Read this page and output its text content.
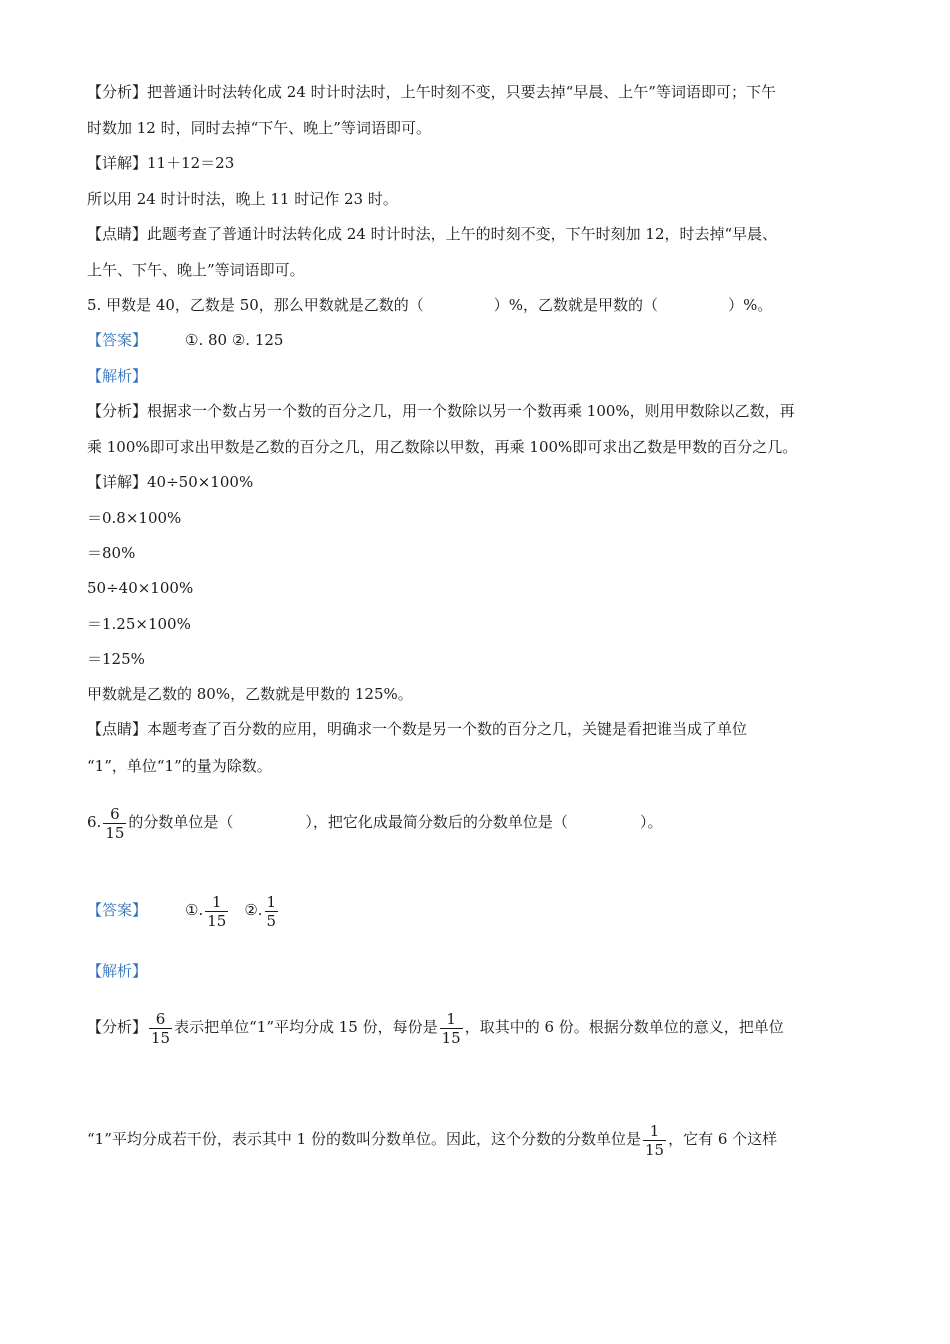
【分析】把普通计时法转化成 24 时计时法时，上午时刻不变，只要去掉“早晨、上午”等词语即可；下午
时数加 12 时，同时去掉“下午、晚上”等词语即可。
【详解】11＋12＝23
所以用 24 时计时法，晚上 11 时记作 23 时。
【点睛】此题考查了普通计时法转化成 24 时计时法，上午的时刻不变，下午时刻加 12，时去掉“早晨、
上午、下午、晚上”等词语即可。
5. 甲数是 40，乙数是 50，那么甲数就是乙数的（	）%，乙数就是甲数的（	）%。
【答案】	①. 80 ②. 125
【解析】
【分析】根据求一个数占另一个数的百分之几，用一个数除以另一个数再乘 100%，则用甲数除以乙数，再
乘 100%即可求出甲数是乙数的百分之几，用乙数除以甲数，再乘 100%即可求出乙数是甲数的百分之几。
【详解】40÷50×100%
＝0.8×100%
＝80%
50÷40×100%
＝1.25×100%
＝125%
甲数就是乙数的 80%，乙数就是甲数的 125%。
【点睛】本题考查了百分数的应用，明确求一个数是另一个数的百分之几，关键是看把谁当成了单位
“1”，单位“1”的量为除数。
6. $\frac{6}{15}$ 的分数单位是（	），把它化成最简分数后的分数单位是（	）。
【答案】	①. $\frac{1}{15}$ ②. $\frac{1}{5}$
【解析】
【分析】 $\frac{6}{15}$ 表示把单位“1”平均分成 15 份，每份是 $\frac{1}{15}$ ，取其中的 6 份。根据分数单位的意义，把单位
“1”平均分成若干份，表示其中 1 份的数叫分数单位。因此，这个分数的分数单位是 $\frac{1}{15}$ ，它有 6 个这样
